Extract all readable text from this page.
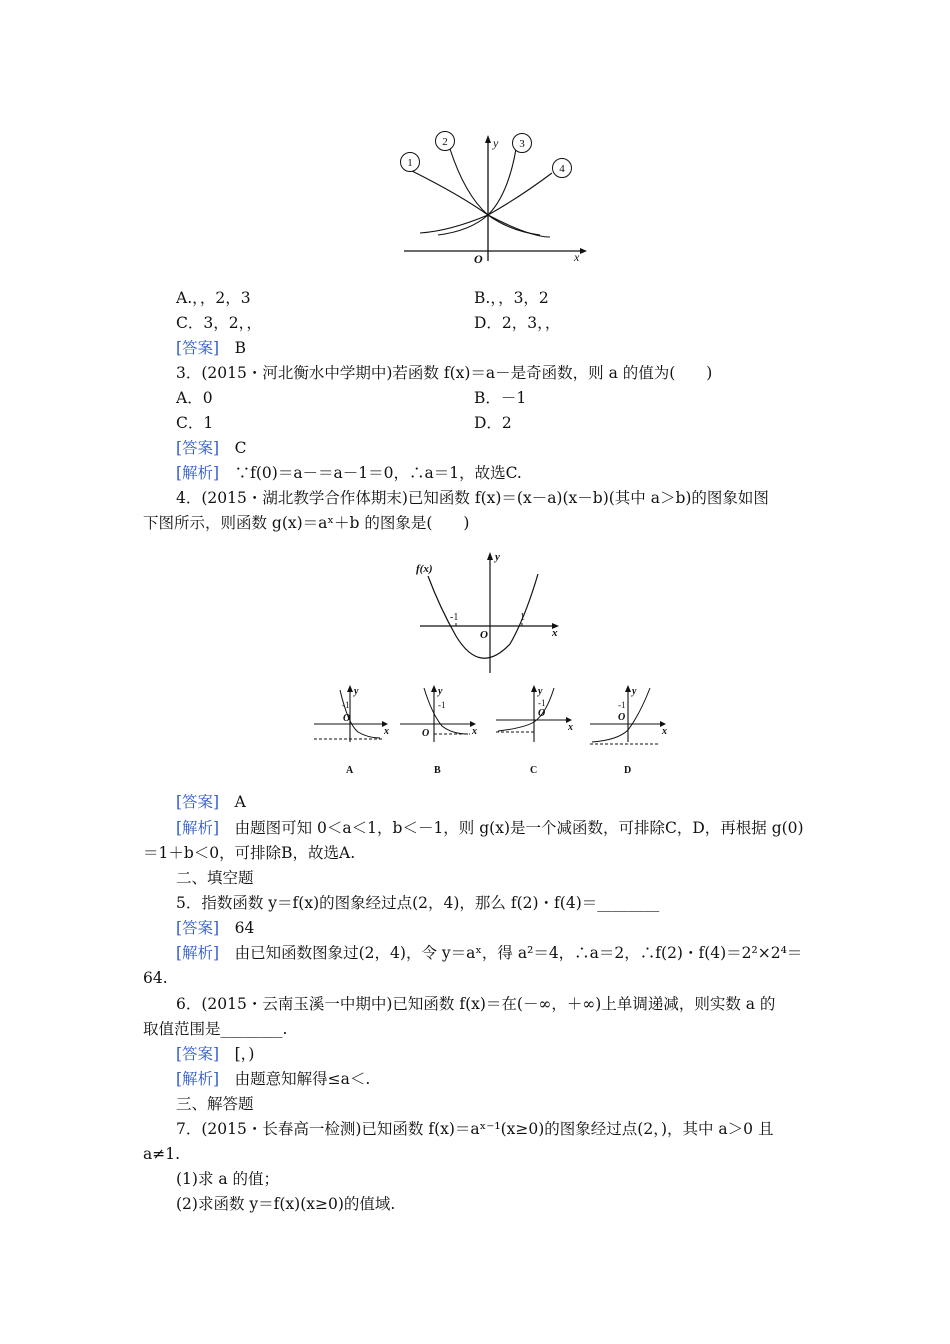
y
x
O
1
2	3
4
A.，，2，3	B.，，3，2
C．3，2，，	D．2，3，，
[答案]　 B
3．(2015・河北衡水中学期中)若函数 f(x)＝a－是奇函数，则 a 的值为(　　)
A．0	B．－1
C．1	D．2
[答案]　 C
[解析]　 ∵f(0)＝a－＝a－1＝0，∴a＝1，故选C.
4．(2015・湖北教学合作体期末)已知函数 f(x)＝(x－a)(x－b)(其中 a＞b)的图象如图
下图所示，则函数 g(x)＝aˣ＋b 的图象是(　　)
y
x
O
f(x)
-1	1
y
-1
O
x
A
y
-1
O	x
B
y
-1
O
x
C
y
-1
O
x
D
[答案]　 A
[解析]　 由题图可知 0＜a＜1，b＜－1，则 g(x)是一个减函数，可排除C，D，再根据 g(0)
＝1＋b＜0，可排除B，故选A.
二、填空题
5．指数函数 y＝f(x)的图象经过点(2，4)，那么 f(2)・f(4)＝________
[答案]　 64
[解析]　 由已知函数图象过(2，4)，令 y＝aˣ，得 a²＝4，∴a＝2，∴f(2)・f(4)＝2²×2⁴＝
64.
6．(2015・云南玉溪一中期中)已知函数 f(x)＝在(－∞，＋∞)上单调递减，则实数 a 的
取值范围是________.
[答案]　 [，)
[解析]　 由题意知解得≤a＜.
三、解答题
7．(2015・长春高一检测)已知函数 f(x)＝aˣ⁻¹(x≥0)的图象经过点(2，)，其中 a＞0 且
a≠1.
(1)求 a 的值；
(2)求函数 y＝f(x)(x≥0)的值域.
